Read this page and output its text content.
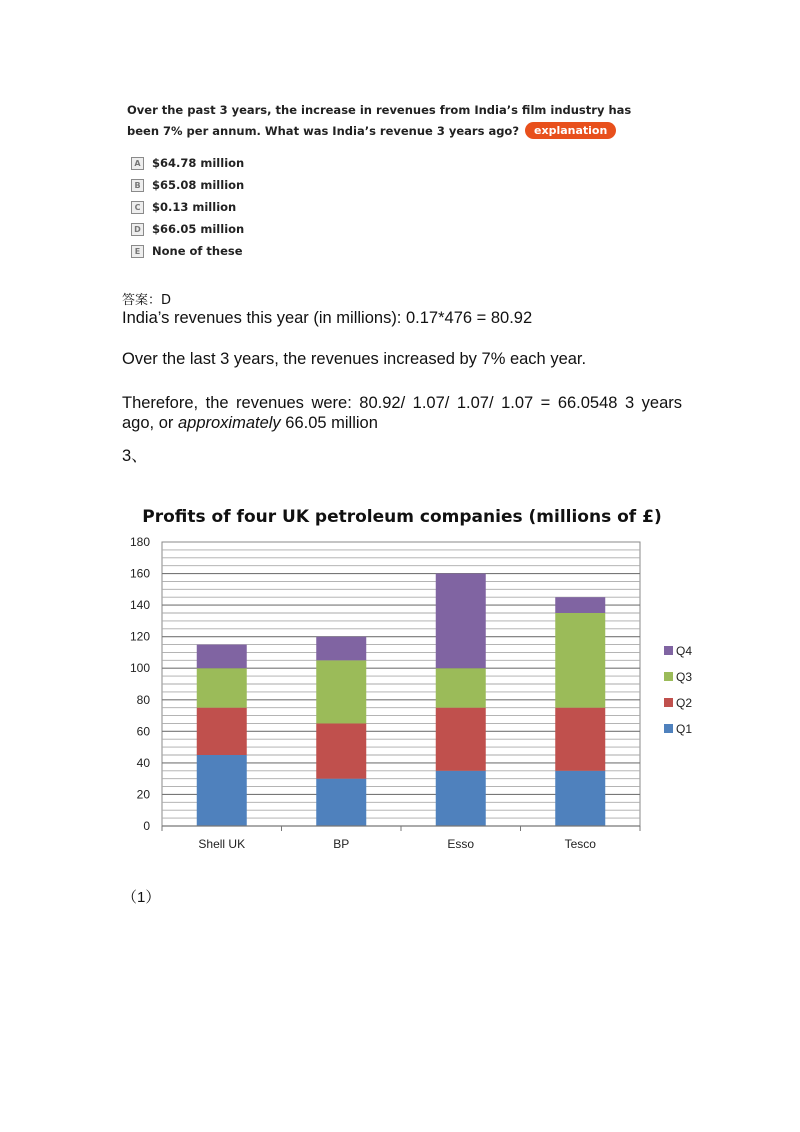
Over the past 3 years, the increase in revenues from India’s film industry has been 7% per annum. What was India’s revenue 3 years ago? explanation
A $64.78 million
B $65.08 million
C	$0.13 million
D $66.05 million
E	None of these
答案：D
India’s revenues this year (in millions): 0.17*476 = 80.92
Over the last 3 years, the revenues increased by 7% each year.
Therefore, the revenues were: 80.92/ 1.07/ 1.07/ 1.07 = 66.0548 3 years ago, or approximately 66.05 million
3、
Profits of four UK petroleum companies (millions of £)
0
20
40
60
80
100
120
140
160
180
Shell UK	BP	Esso	Tesco
Q4
Q3
Q2
Q1
（1）
